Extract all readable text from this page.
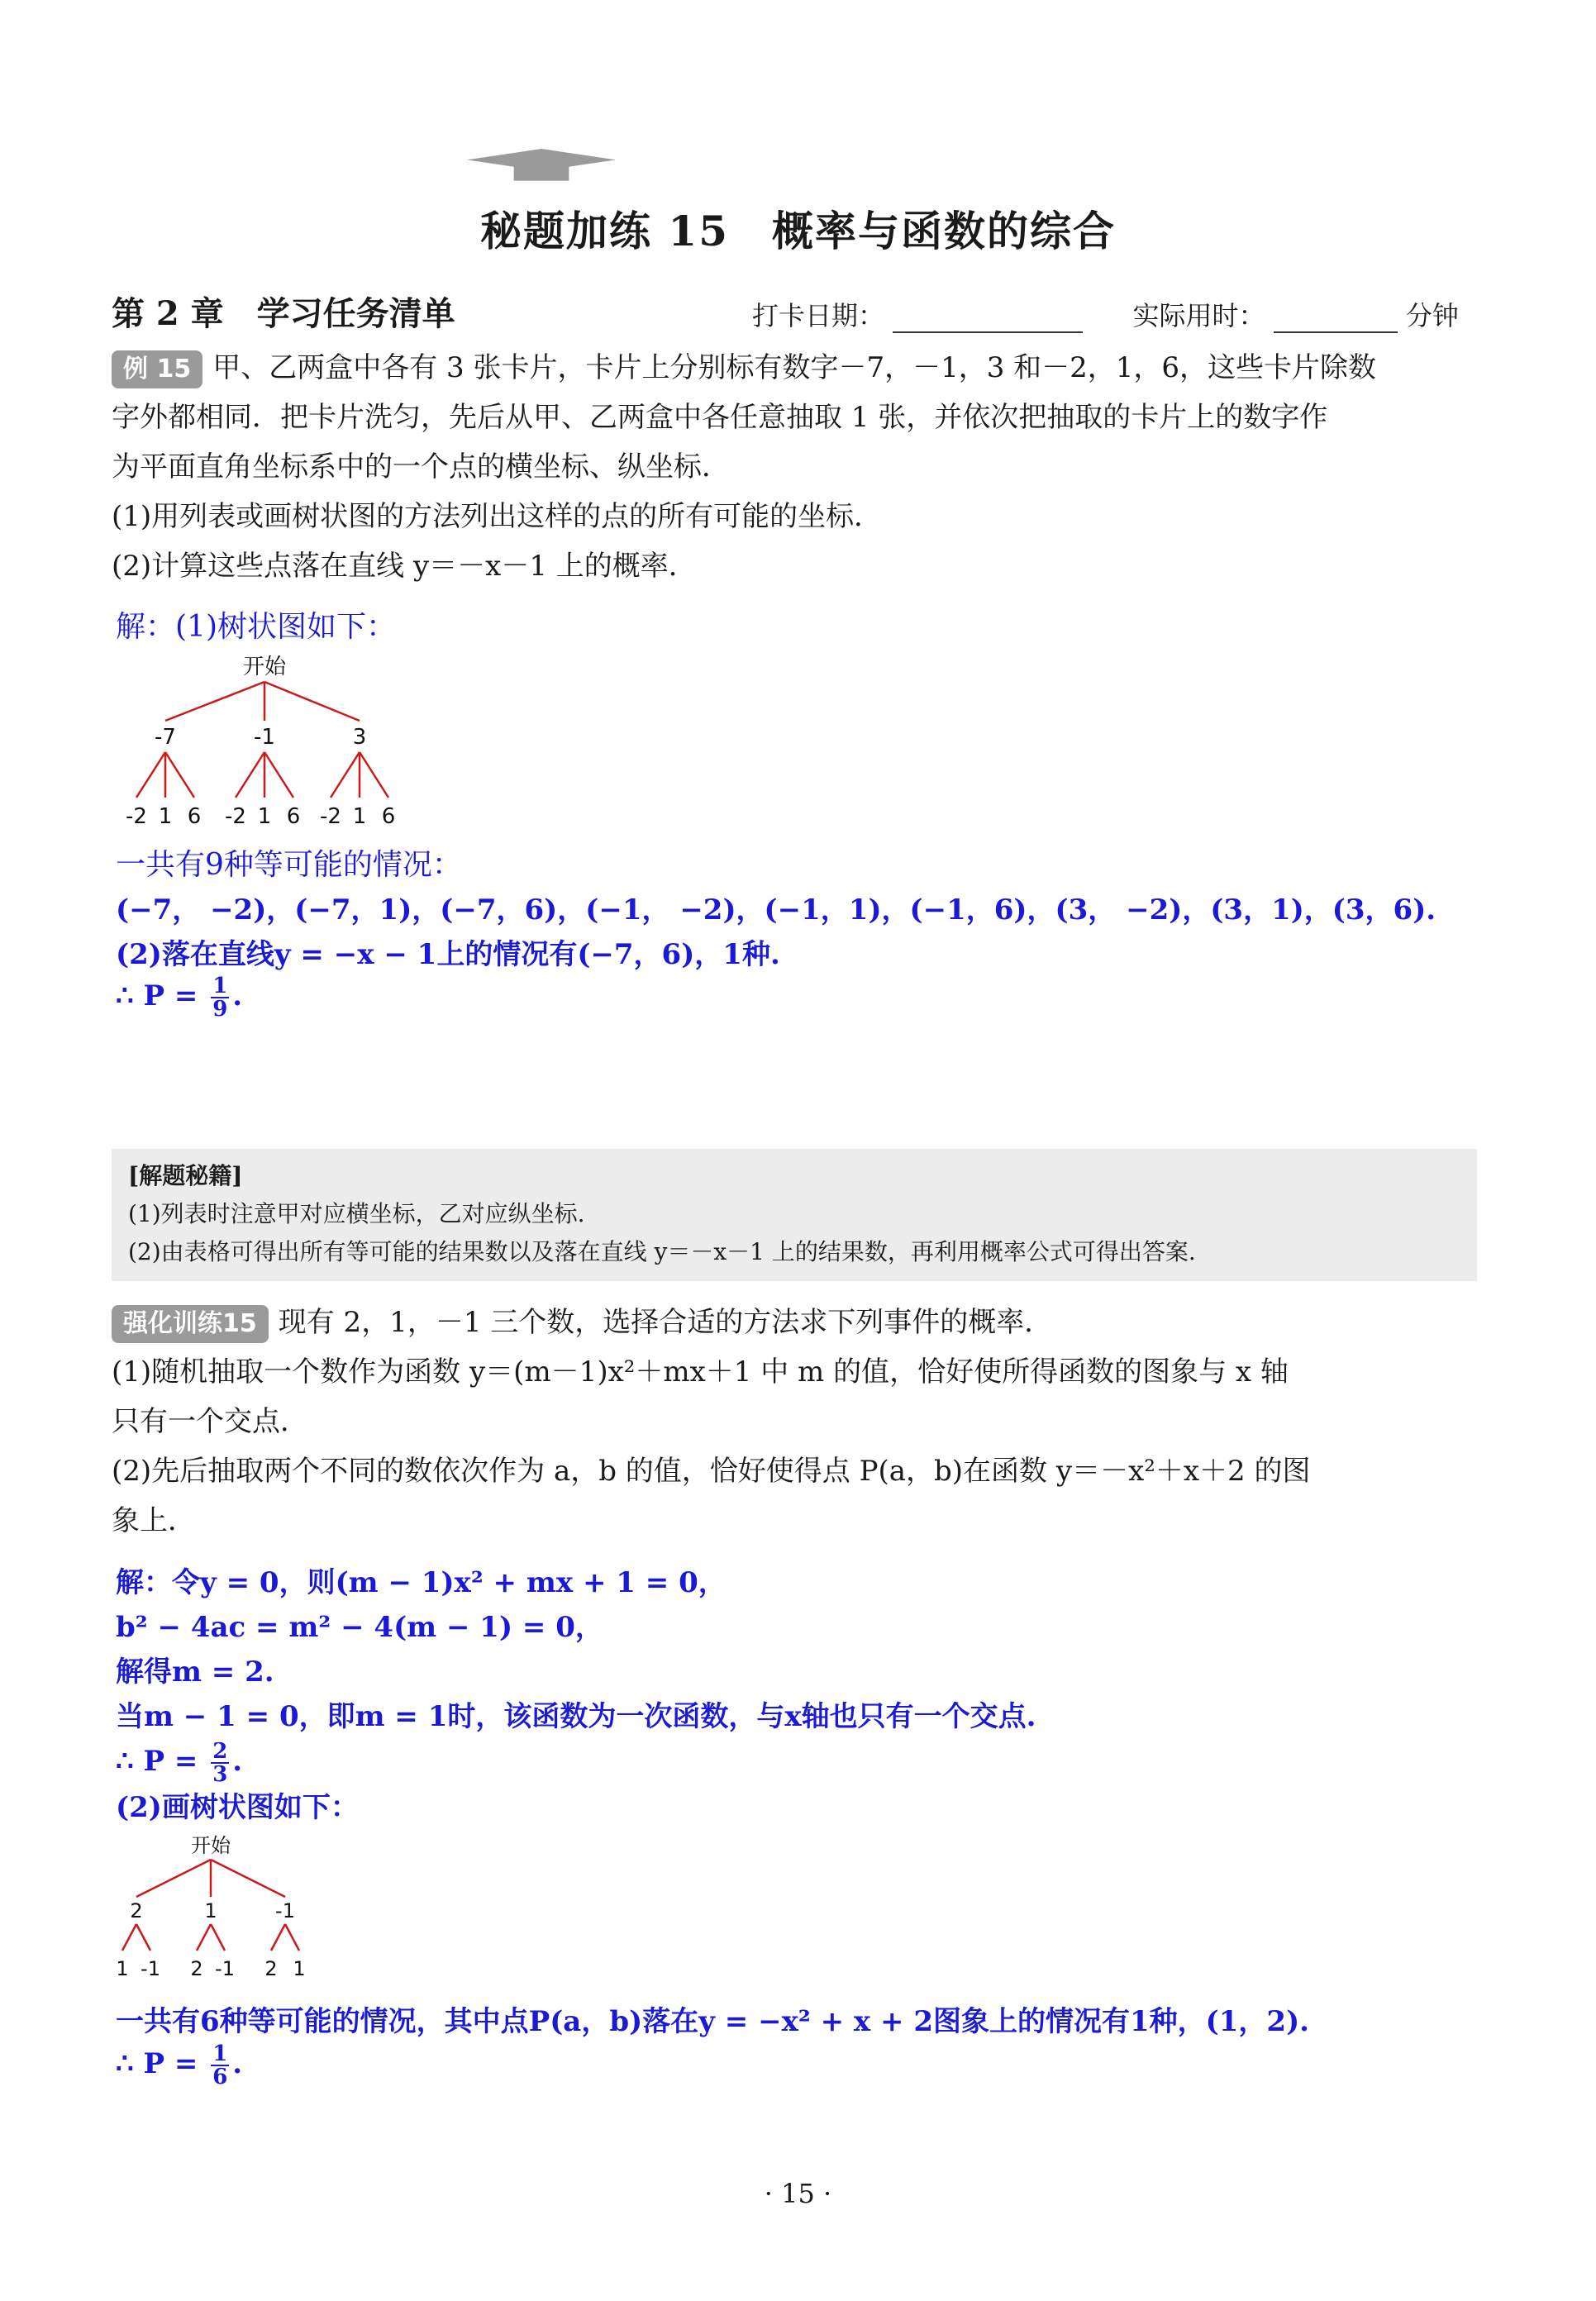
秘题加练 15　概率与函数的综合
第 2 章　学习任务清单	打卡日期：	实际用时：	分钟
例 15 甲、乙两盒中各有 3 张卡片，卡片上分别标有数字－7，－1，3 和－2，1，6，这些卡片除数
字外都相同．把卡片洗匀，先后从甲、乙两盒中各任意抽取 1 张，并依次把抽取的卡片上的数字作
为平面直角坐标系中的一个点的横坐标、纵坐标．
(1)用列表或画树状图的方法列出这样的点的所有可能的坐标．
(2)计算这些点落在直线 y＝－x－1 上的概率．
解：(1)树状图如下：
开始
-7	-1	3
-2 1 6 -2 1 6 -2 1 6
一共有9种等可能的情况：
(−7， −2)，(−7，1)，(−7，6)，(−1， −2)，(−1，1)，(−1，6)，(3， −2)，(3，1)，(3，6).
(2)落在直线y = −x − 1上的情况有(−7，6)，1种.
∴ $P = \frac{1}{9}$ .
[解题秘籍]
(1)列表时注意甲对应横坐标，乙对应纵坐标.
(2)由表格可得出所有等可能的结果数以及落在直线 y＝－x－1 上的结果数，再利用概率公式可得出答案.
强化训练15 现有 2，1，－1 三个数，选择合适的方法求下列事件的概率．
(1)随机抽取一个数作为函数 y＝(m－1)x²＋mx＋1 中 m 的值，恰好使所得函数的图象与 x 轴
只有一个交点．
(2)先后抽取两个不同的数依次作为 a，b 的值，恰好使得点 P(a，b)在函数 y＝－x²＋x＋2 的图
象上．
解：令y = 0，则(m − 1)x² + mx + 1 = 0，
b² − 4ac = m² − 4(m − 1) = 0，
解得m = 2.
当m − 1 = 0，即m = 1时，该函数为一次函数，与x轴也只有一个交点.
∴ $P = \frac{2}{3}$ .
(2)画树状图如下：
开始
2	1	-1
1 -1 2 -1 2 1
一共有6种等可能的情况，其中点P(a，b)落在y = −x² + x + 2图象上的情况有1种，(1，2).
∴ $P = \frac{1}{6}$ .
· 15 ·
